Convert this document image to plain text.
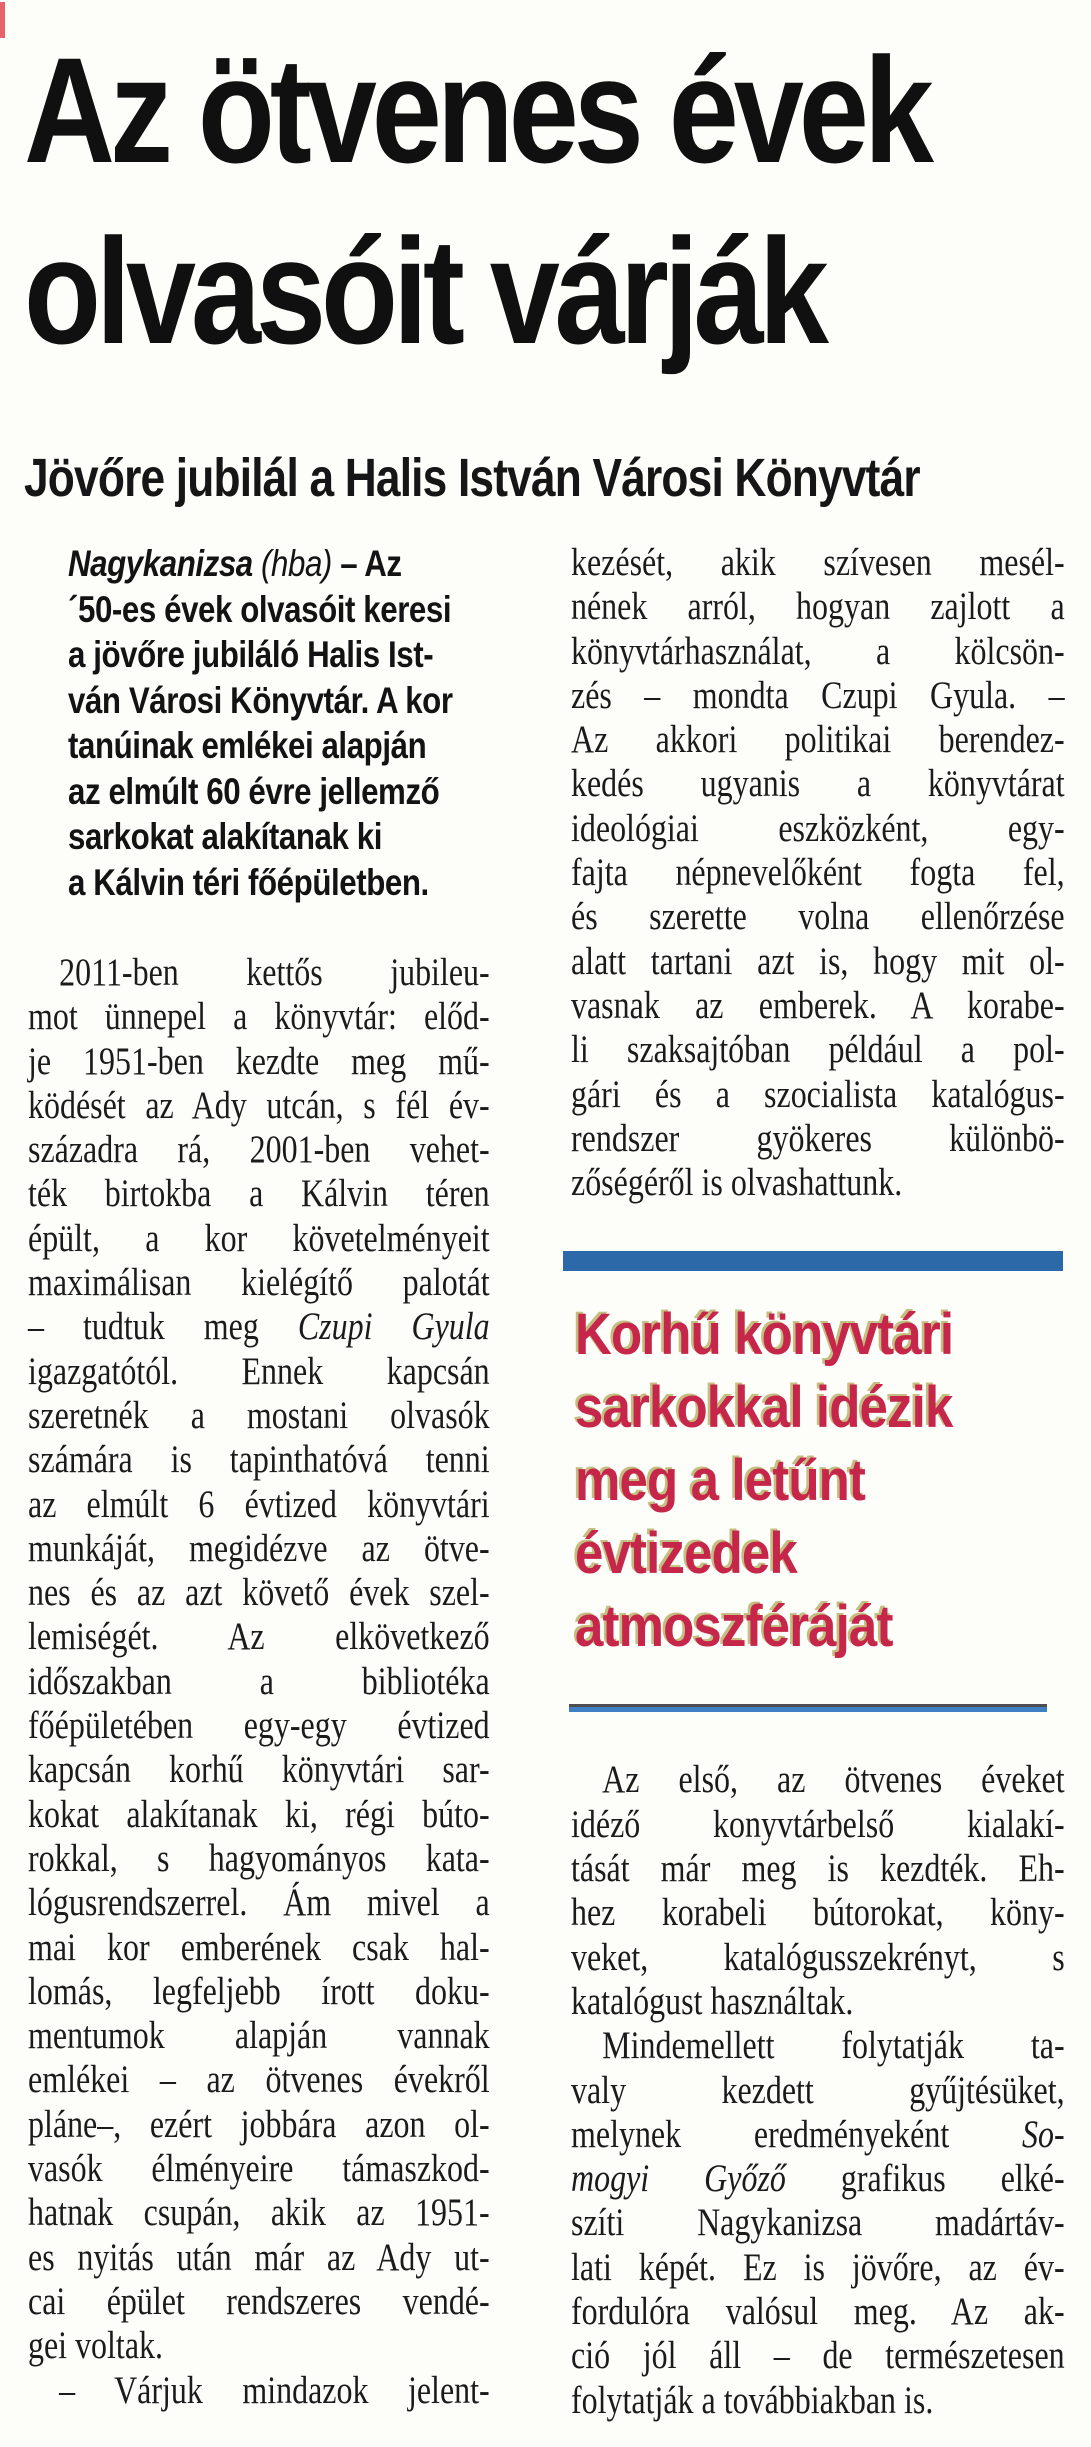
Az ötvenes évek
olvasóit várják
Jövőre jubilál a Halis István Városi Könyvtár
Nagykanizsa (hba) – Az
´50-es évek olvasóit keresi
a jövőre jubiláló Halis Ist-
ván Városi Könyvtár. A kor
tanúinak emlékei alapján
az elmúlt 60 évre jellemző
sarkokat alakítanak ki
a Kálvin téri főépületben.
2011-ben kettős jubileu-
mot ünnepel a könyvtár: előd-
je 1951-ben kezdte meg mű-
ködését az Ady utcán, s fél év-
századra rá, 2001-ben vehet-
ték birtokba a Kálvin téren
épült, a kor követelményeit
maximálisan kielégítő palotát
– tudtuk meg Czupi Gyula
igazgatótól. Ennek kapcsán
szeretnék a mostani olvasók
számára is tapinthatóvá tenni
az elmúlt 6 évtized könyvtári
munkáját, megidézve az ötve-
nes és az azt követő évek szel-
lemiségét. Az elkövetkező
időszakban a bibliotéka
főépületében egy-egy évtized
kapcsán korhű könyvtári sar-
kokat alakítanak ki, régi búto-
rokkal, s hagyományos kata-
lógusrendszerrel. Ám mivel a
mai kor emberének csak hal-
lomás, legfeljebb írott doku-
mentumok alapján vannak
emlékei – az ötvenes évekről
pláne–, ezért jobbára azon ol-
vasók élményeire támaszkod-
hatnak csupán, akik az 1951-
es nyitás után már az Ady ut-
cai épület rendszeres vendé-
gei voltak.
– Várjuk mindazok jelent-
kezését, akik szívesen mesél-
nének arról, hogyan zajlott a
könyvtárhasználat, a kölcsön-
zés – mondta Czupi Gyula. –
Az akkori politikai berendez-
kedés ugyanis a könyvtárat
ideológiai eszközként, egy-
fajta népnevelőként fogta fel,
és szerette volna ellenőrzése
alatt tartani azt is, hogy mit ol-
vasnak az emberek. A korabe-
li szaksajtóban például a pol-
gári és a szocialista katalógus-
rendszer gyökeres különbö-
zőségéről is olvashattunk.
Korhű könyvtári
sarkokkal idézik
meg a letűnt
évtizedek
atmoszféráját
Az első, az ötvenes éveket
idéző konyvtárbelső kialakí-
tását már meg is kezdték. Eh-
hez korabeli bútorokat, köny-
veket, katalógusszekrényt, s
katalógust használtak.
Mindemellett folytatják ta-
valy kezdett gyűjtésüket,
melynek eredményeként So-
mogyi Győző grafikus elké-
szíti Nagykanizsa madártáv-
lati képét. Ez is jövőre, az év-
fordulóra valósul meg. Az ak-
ció jól áll – de természetesen
folytatják a továbbiakban is.
